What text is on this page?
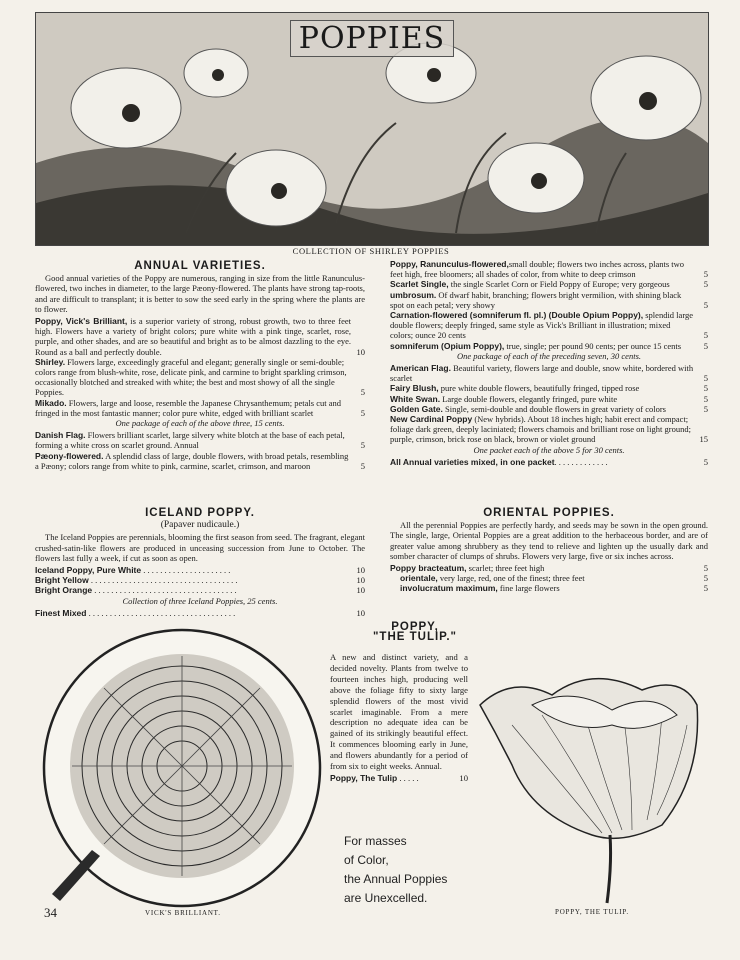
POPPIES
COLLECTION OF SHIRLEY POPPIES

ANNUAL VARIETIES.

Good annual varieties of the Poppy are numerous, ranging in size from the little Ranunculus-flowered, two inches in diameter, to the large Pæony-flowered. The plants have strong tap-roots, and are difficult to transplant; it is better to sow the seed early in the spring where the plants are to flower.

Poppy, Vick's Brilliant, is a superior variety of strong, robust growth, two to three feet high. Flowers have a variety of bright colors; pure white with a pink tinge, scarlet, rose, purple, and other shades, and are so beautiful and bright as to be almost dazzling to the eye. Round as a ball and perfectly double.	10
Shirley. Flowers large, exceedingly graceful and elegant; generally single or semi-double; colors range from blush-white, rose, delicate pink, and carmine to bright sparkling crimson, occasionally blotched and streaked with white; the best and most showy of all the single Poppies.	5
Mikado. Flowers, large and loose, resemble the Japanese Chrysanthemum; petals cut and fringed in the most fantastic manner; color pure white, edged with brilliant scarlet	5

One package of each of the above three, 15 cents.

Danish Flag. Flowers brilliant scarlet, large silvery white blotch at the base of each petal, forming a white cross on scarlet ground. Annual	5
Pæony-flowered. A splendid class of large, double flowers, with broad petals, resembling a Pæony; colors range from white to pink, carmine, scarlet, crimson, and maroon	5
Poppy, Ranunculus-flowered,small double; flowers two inches across, plants two feet high, free bloomers; all shades of color, from white to deep crimson	5
Scarlet Single, the single Scarlet Corn or Field Poppy of Europe; very gorgeous	5
umbrosum. Of dwarf habit, branching; flowers bright vermilion, with shining black spot on each petal; very showy	5
Carnation-flowered (somniferum fl. pl.) (Double Opium Poppy), splendid large double flowers; deeply fringed, same style as Vick's Brilliant in illustration; mixed colors; ounce 20 cents	5
somniferum (Opium Poppy), true, single; per pound 90 cents; per ounce 15 cents	5

One package of each of the preceding seven, 30 cents.

American Flag. Beautiful variety, flowers large and double, snow white, bordered with scarlet	5
Fairy Blush, pure white double flowers, beautifully fringed, tipped rose	5
White Swan. Large double flowers, elegantly fringed, pure white	5
Golden Gate. Single, semi-double and double flowers in great variety of colors	5
New Cardinal Poppy (New hybrids). About 18 inches high; habit erect and compact; foliage dark green, deeply laciniated; flowers chamois and brilliant rose on light ground; purple, crimson, brick rose on black, brown or violet ground	15

One packet each of the above 5 for 30 cents.

All Annual varieties mixed, in one packet. . . . . . . . . . . . .	5

ICELAND POPPY.

(Papaver nudicaule.)

The Iceland Poppies are perennials, blooming the first season from seed. The fragrant, elegant crushed-satin-like flowers are produced in unceasing succession from June to October. The flowers last fully a week, if cut as soon as open.

Iceland Poppy, Pure White . . . . . . . . . . . . . . . . . . . . .	10
Bright Yellow . . . . . . . . . . . . . . . . . . . . . . . . . . . . . . . . . . .	10
Bright Orange . . . . . . . . . . . . . . . . . . . . . . . . . . . . . . . . . .	10

Collection of three Iceland Poppies, 25 cents.

Finest Mixed . . . . . . . . . . . . . . . . . . . . . . . . . . . . . . . . . . .	10

ORIENTAL POPPIES.

All the perennial Poppies are perfectly hardy, and seeds may be sown in the open ground. The single, large, Oriental Poppies are a great addition to the herbaceous border, and are of greater value among shrubbery as they tend to relieve and lighten up the usually dark and somber character of clumps of shrubs. Flowers very large, five or six inches across.

Poppy bracteatum, scarlet; three feet high	5
orientale, very large, red, one of the finest; three feet	5
involucratum maximum, fine large flowers	5

POPPY,

"THE TULIP."

A new and distinct variety, and a decided novelty. Plants from twelve to fourteen inches high, producing well above the foliage fifty to sixty large splendid flowers of the most vivid scarlet imaginable. From a mere description no adequate idea can be gained of its strikingly beautiful effect. It commences blooming early in June, and flowers abundantly for a period of from six to eight weeks. Annual.
Poppy, The Tulip . . . . .	10
For masses
of Color,
the Annual Poppies
are Unexcelled.
34	VICK'S BRILLIANT.	POPPY, THE TULIP.
